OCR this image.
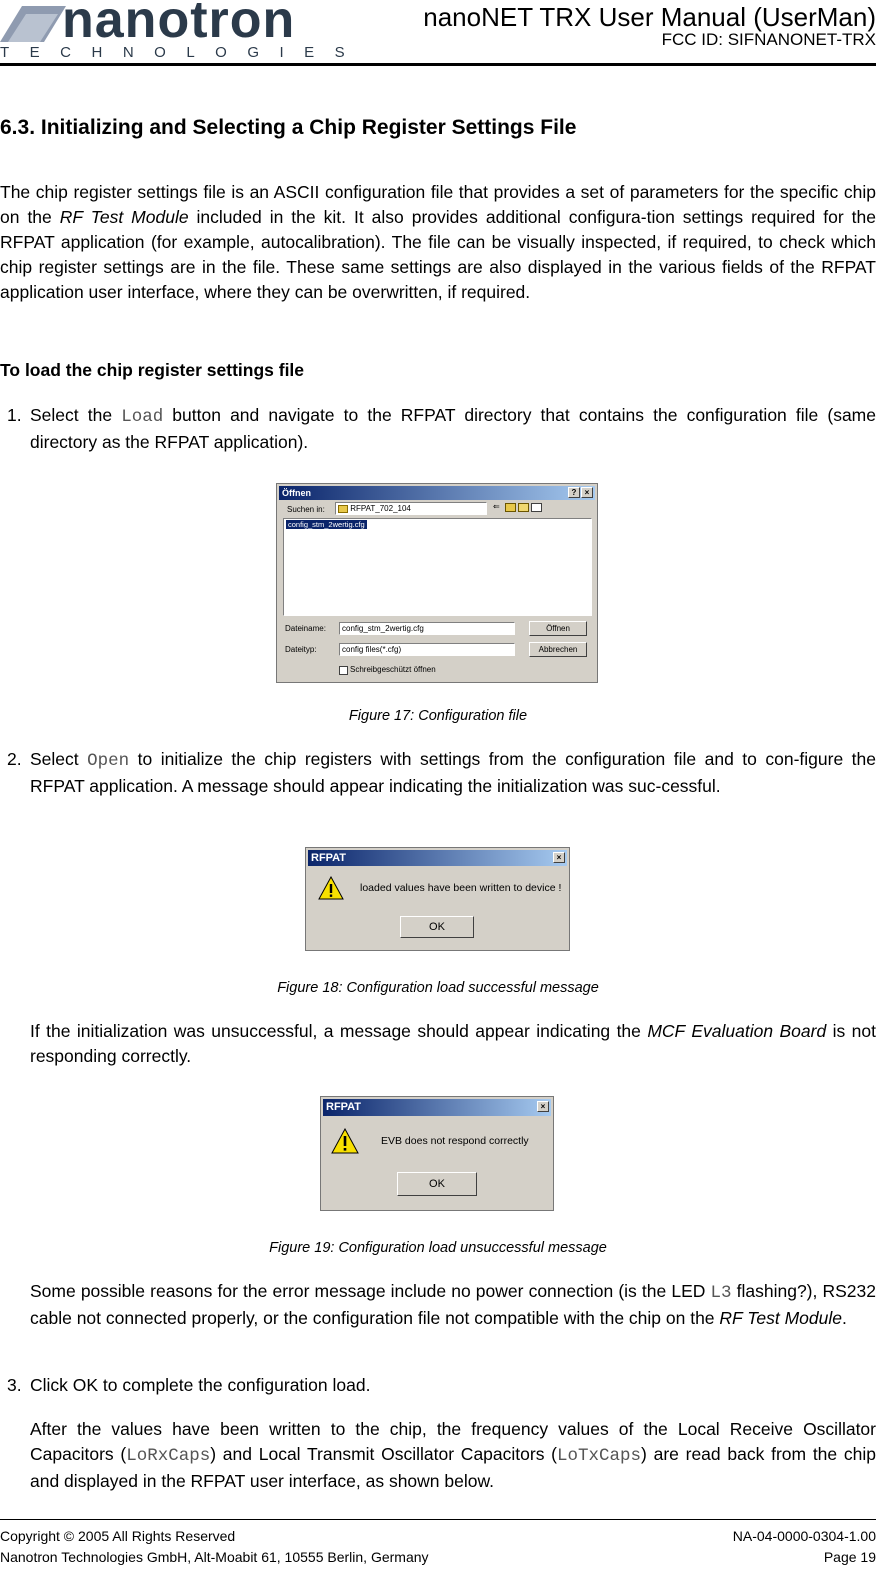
nanotron
TECHNOLOGIES
nanoNET TRX User Manual (UserMan)
FCC ID: SIFNANONET-TRX
6.3. Initializing and Selecting a Chip Register Settings File
The chip register settings file is an ASCII configuration file that provides a set of parameters for the specific chip on the RF Test Module included in the kit. It also provides additional configura-tion settings required for the RFPAT application (for example, autocalibration). The file can be visually inspected, if required, to check which chip register settings are in the file. These same settings are also displayed in the various fields of the RFPAT application user interface, where they can be overwritten, if required.
To load the chip register settings file
1. Select the Load button and navigate to the RFPAT directory that contains the configuration file (same directory as the RFPAT application).
Öffnen	?	×
Suchen in:	RFPAT_702_104	⇐
config_stm_2wertig.cfg
Dateiname:	config_stm_2wertig.cfg	Öffnen
Dateityp:	config files(*.cfg)	Abbrechen
Schreibgeschützt öffnen
Figure 17: Configuration file
2. Select Open to initialize the chip registers with settings from the configuration file and to con-figure the RFPAT application. A message should appear indicating the initialization was suc-cessful.
RFPAT	×
loaded values have been written to device !
OK
Figure 18: Configuration load successful message
If the initialization was unsuccessful, a message should appear indicating the MCF Evaluation Board is not responding correctly.
RFPAT	×
EVB does not respond correctly
OK
Figure 19: Configuration load unsuccessful message
Some possible reasons for the error message include no power connection (is the LED L3 flashing?), RS232 cable not connected properly, or the configuration file not compatible with the chip on the RF Test Module.
3. Click OK to complete the configuration load.
After the values have been written to the chip, the frequency values of the Local Receive Oscillator Capacitors (LoRxCaps) and Local Transmit Oscillator Capacitors (LoTxCaps) are read back from the chip and displayed in the RFPAT user interface, as shown below.
Copyright © 2005 All Rights Reserved	NA-04-0000-0304-1.00
Nanotron Technologies GmbH, Alt-Moabit 61, 10555 Berlin, Germany	Page 19
